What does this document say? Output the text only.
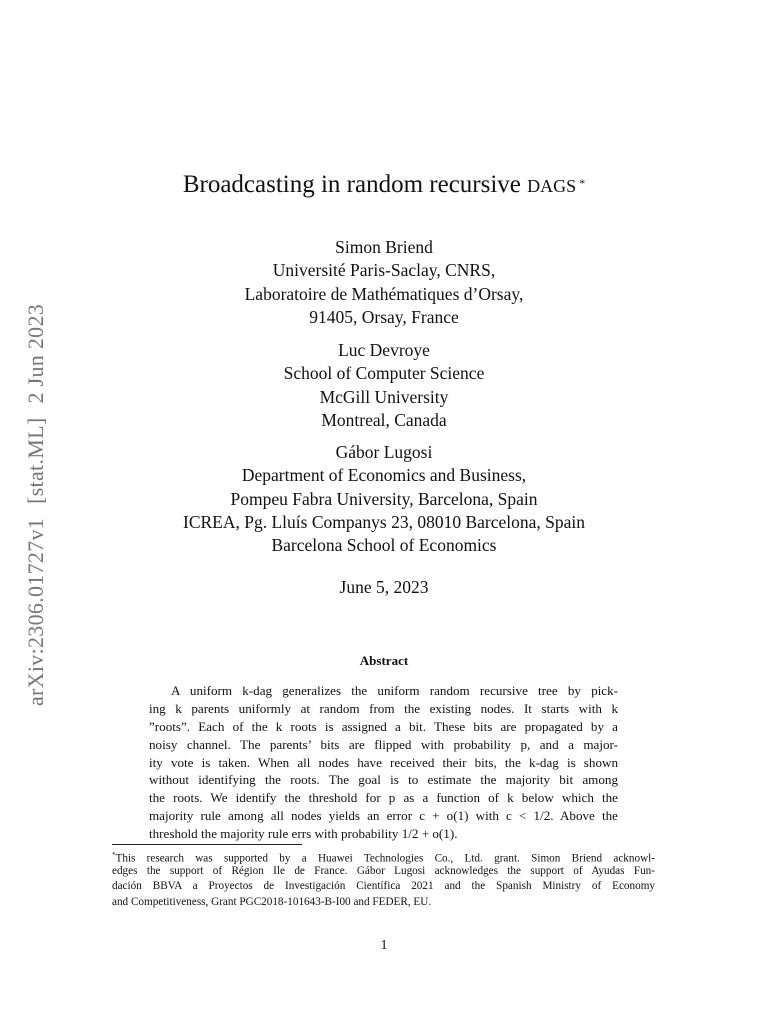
arXiv:2306.01727v1[stat.ML]2 Jun 2023
Broadcasting in random recursive dags *
Simon Briend
Université Paris-Saclay, CNRS,
Laboratoire de Mathématiques d’Orsay,
91405, Orsay, France
Luc Devroye
School of Computer Science
McGill University
Montreal, Canada
Gábor Lugosi
Department of Economics and Business,
Pompeu Fabra University, Barcelona, Spain
ICREA, Pg. Lluís Companys 23, 08010 Barcelona, Spain
Barcelona School of Economics
June 5, 2023
Abstract
A uniform k-dag generalizes the uniform random recursive tree by pick-
ing k parents uniformly at random from the existing nodes. It starts with k
”roots”. Each of the k roots is assigned a bit. These bits are propagated by a
noisy channel. The parents’ bits are flipped with probability p, and a major-
ity vote is taken. When all nodes have received their bits, the k-dag is shown
without identifying the roots. The goal is to estimate the majority bit among
the roots. We identify the threshold for p as a function of k below which the
majority rule among all nodes yields an error c + o(1) with c < 1/2. Above the
threshold the majority rule errs with probability 1/2 + o(1).
*This research was supported by a Huawei Technologies Co., Ltd. grant. Simon Briend acknowl-
edges the support of Région Ile de France. Gábor Lugosi acknowledges the support of Ayudas Fun-
dación BBVA a Proyectos de Investigación Científica 2021 and the Spanish Ministry of Economy
and Competitiveness, Grant PGC2018-101643-B-I00 and FEDER, EU.
1
